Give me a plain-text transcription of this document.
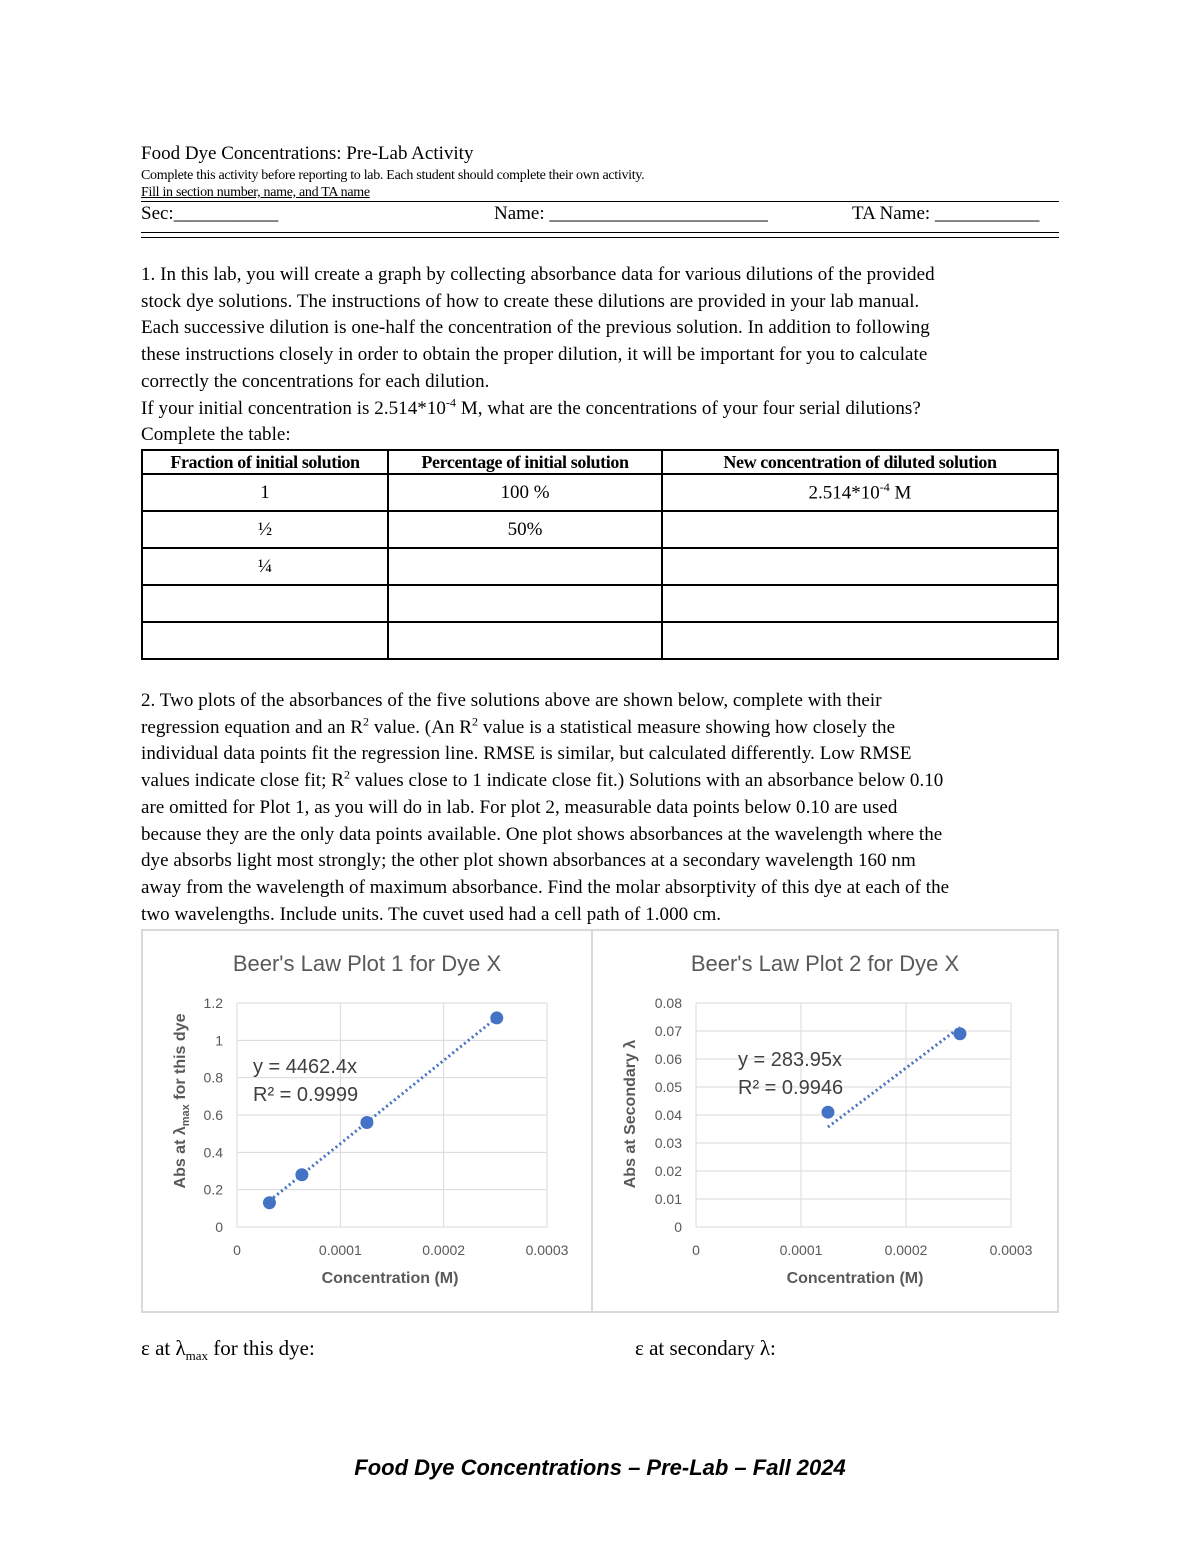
Food Dye Concentrations: Pre-Lab Activity
Complete this activity before reporting to lab. Each student should complete their own activity.
Fill in section number, name, and TA name
Sec:___________	Name: _______________________	TA Name: ___________
1. In this lab, you will create a graph by collecting absorbance data for various dilutions of the provided
stock dye solutions. The instructions of how to create these dilutions are provided in your lab manual.
Each successive dilution is one-half the concentration of the previous solution. In addition to following
these instructions closely in order to obtain the proper dilution, it will be important for you to calculate
correctly the concentrations for each dilution.
If your initial concentration is $2.514*10^{-4}$ M, what are the concentrations of your four serial dilutions?
Complete the table:
Fraction of initial solution	Percentage of initial solution	New concentration of diluted solution
1	100 %	$2.514*10^{-4}$ M
½	50%	
¼		

2. Two plots of the absorbances of the five solutions above are shown below, complete with their
regression equation and an $R^2$ value. (An $R^2$ value is a statistical measure showing how closely the
individual data points fit the regression line. RMSE is similar, but calculated differently. Low RMSE
values indicate close fit; $R^2$ values close to 1 indicate close fit.) Solutions with an absorbance below 0.10
are omitted for Plot 1, as you will do in lab. For plot 2, measurable data points below 0.10 are used
because they are the only data points available. One plot shows absorbances at the wavelength where the
dye absorbs light most strongly; the other plot shown absorbances at a secondary wavelength 160 nm
away from the wavelength of maximum absorbance. Find the molar absorptivity of this dye at each of the
two wavelengths. Include units. The cuvet used had a cell path of 1.000 cm.
Beer's Law Plot 1 for Dye X
0
0.2
0.4
0.6
0.8
1
1.2
0	0.0001	0.0002	0.0003
Concentration (M)
Abs at $\lambda_{max}$ for this dye	y = 4462.4x
R² = 0.9999
Beer's Law Plot 2 for Dye X
0
0.01
0.02
0.03
0.04
0.05
0.06
0.07
0.08
0	0.0001	0.0002	0.0003
Concentration (M)
Abs at Secondary λ	y = 283.95x
R² = 0.9946
ε at $\lambda_{max}$ for this dye:	ε at secondary λ:
Food Dye Concentrations – Pre-Lab – Fall 2024
